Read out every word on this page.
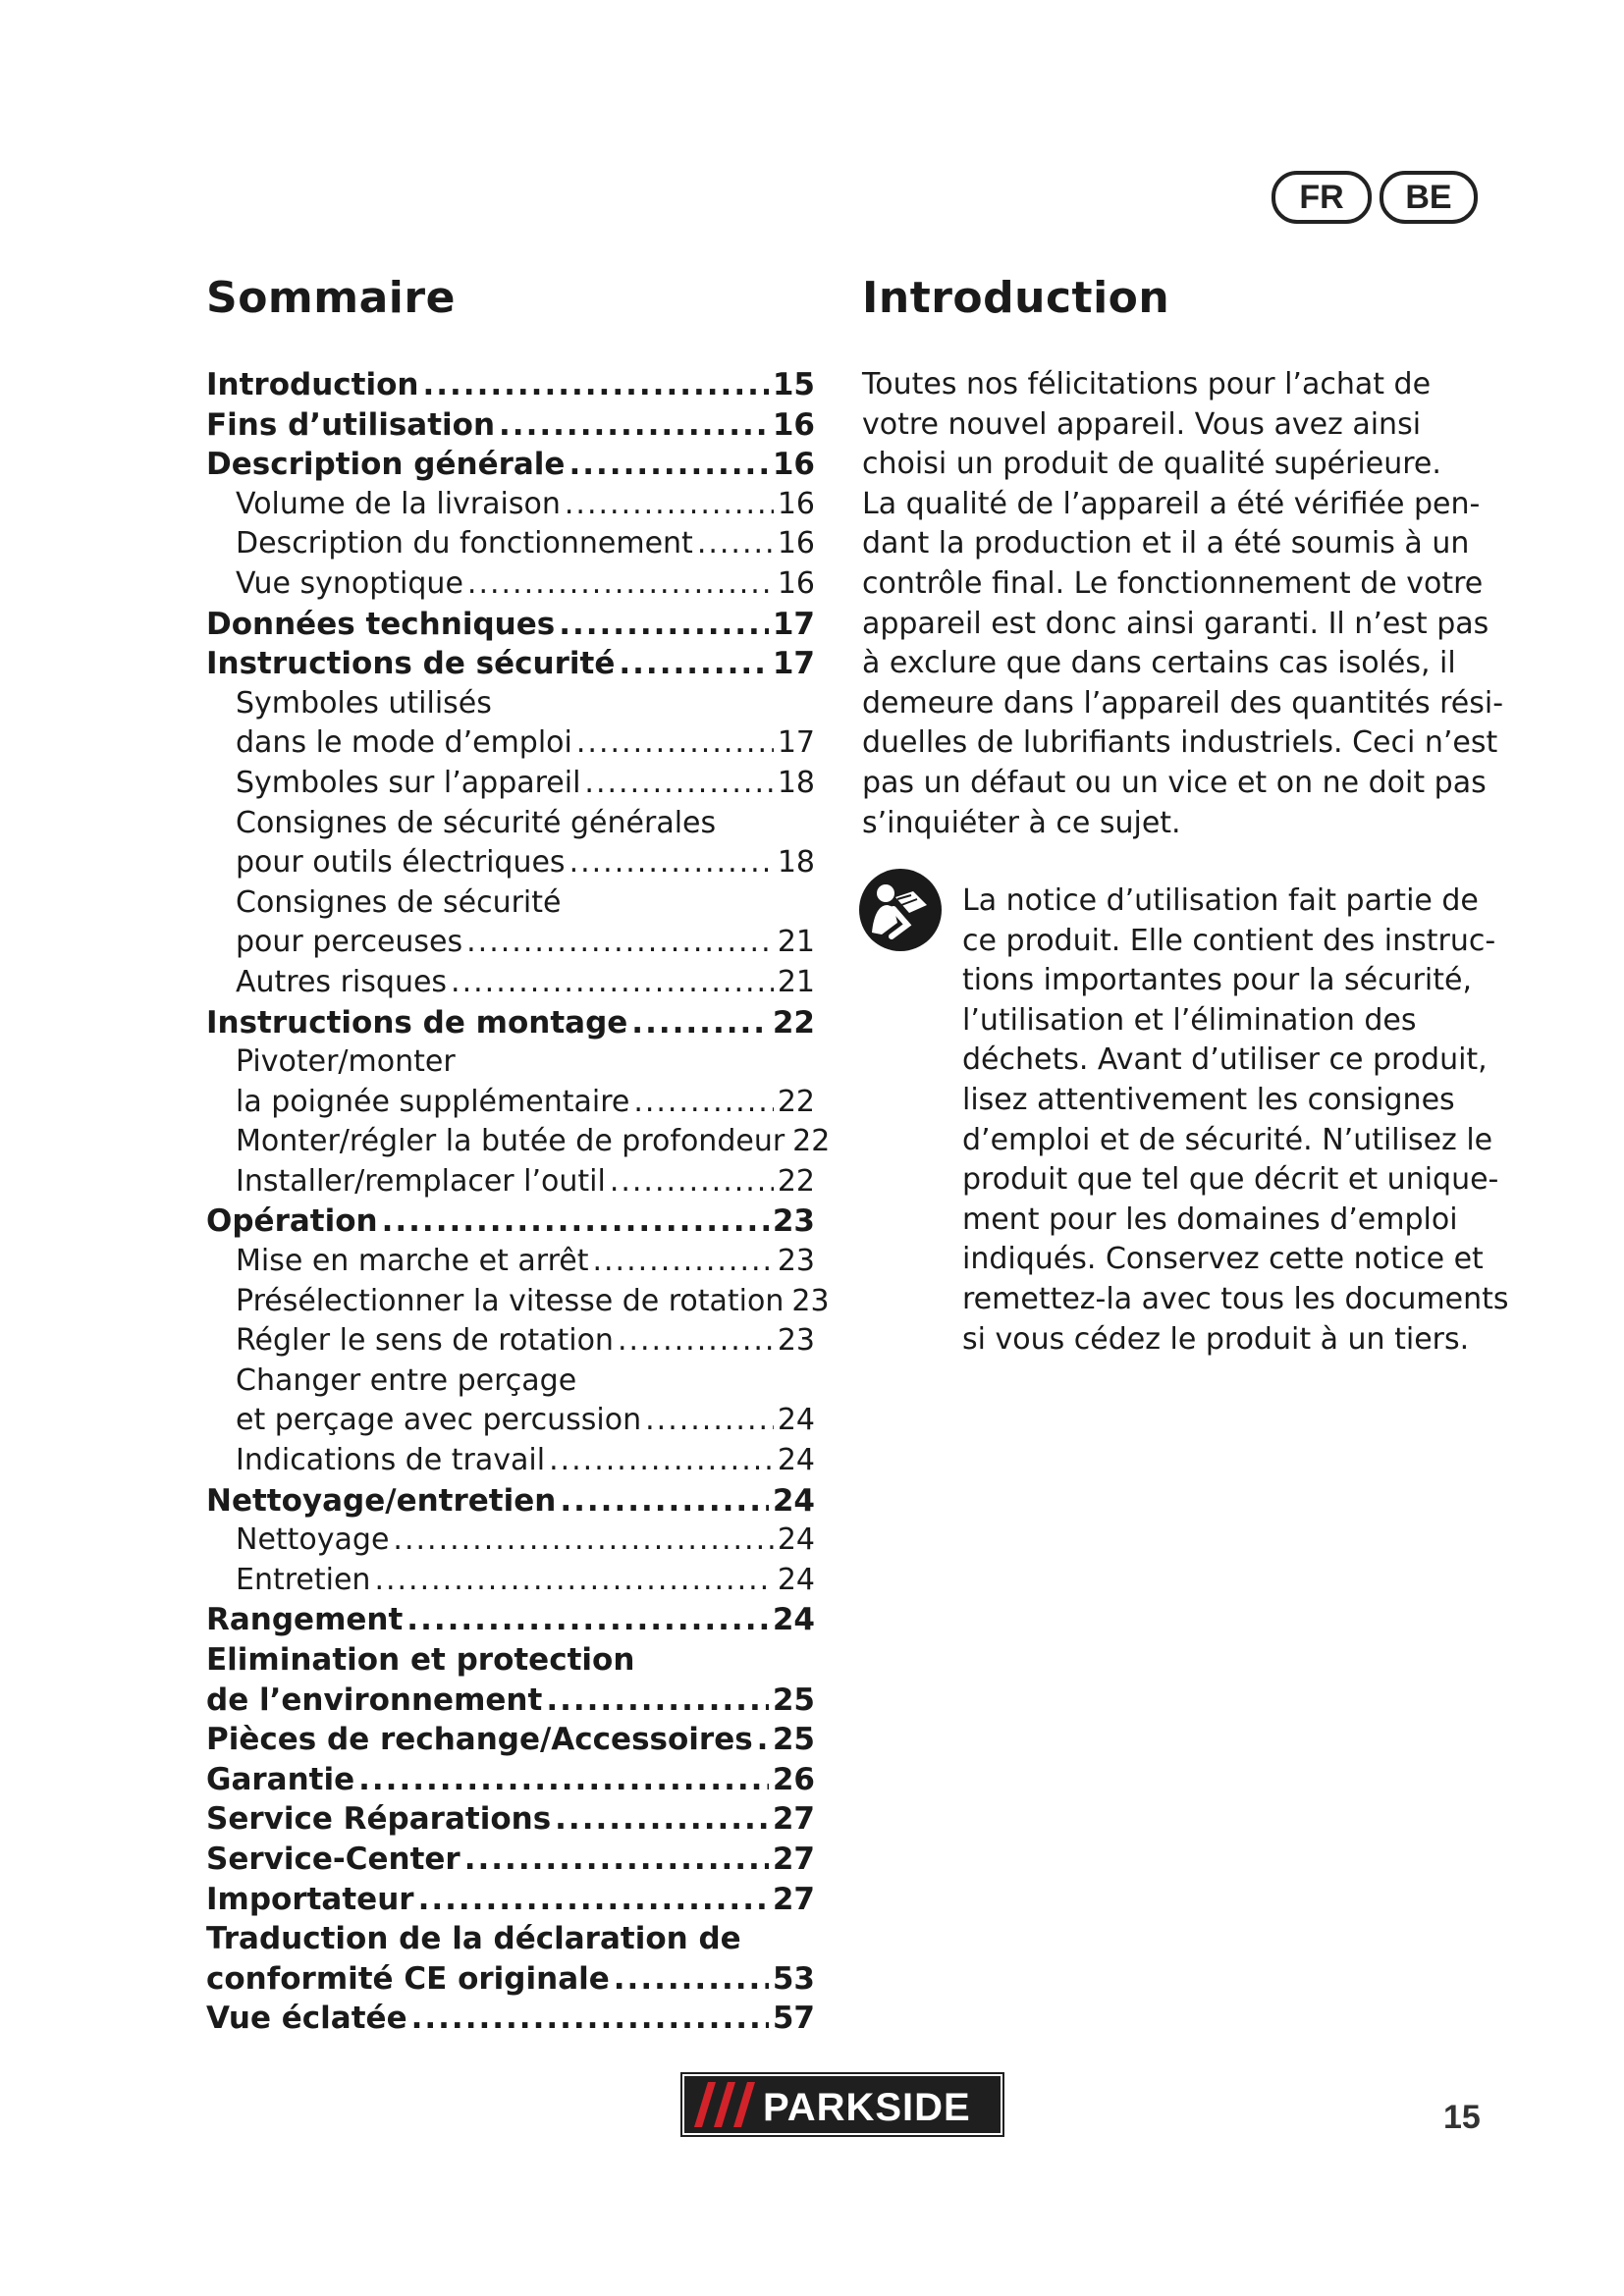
FR	BE
Sommaire	Introduction
Introduction .....	15
Fins d’utilisation .....	16
Description générale .....	16
Volume de la livraison .....	16
Description du fonctionnement .....	16
Vue synoptique .....	16
Données techniques .....	17
Instructions de sécurité .....	17
Symboles utilisés
dans le mode d’emploi .....	17
Symboles sur l’appareil .....	18
Consignes de sécurité générales
pour outils électriques .....	18
Consignes de sécurité
pour perceuses .....	21
Autres risques .....	21
Instructions de montage .....	22
Pivoter/monter
la poignée supplémentaire .....	22
Monter/régler la butée de profondeur 22
Installer/remplacer l’outil .....	22
Opération .....	23
Mise en marche et arrêt .....	23
Présélectionner la vitesse de rotation 23
Régler le sens de rotation .....	23
Changer entre perçage
et perçage avec percussion .....	24
Indications de travail .....	24
Nettoyage/entretien .....	24
Nettoyage .....	24
Entretien .....	24
Rangement .....	24
Elimination et protection
de l’environnement .....	25
Pièces de rechange/Accessoires ..... 25
Garantie .....	26
Service Réparations .....	27
Service-Center .....	27
Importateur .....	27
Traduction de la déclaration de
conformité CE originale .....	53
Vue éclatée .....	57

Toutes nos félicitations pour l’achat de

votre nouvel appareil. Vous avez ainsi

choisi un produit de qualité supérieure.

La qualité de l’appareil a été vérifiée pen-

dant la production et il a été soumis à un

contrôle final. Le fonctionnement de votre

appareil est donc ainsi garanti. Il n’est pas

à exclure que dans certains cas isolés, il

demeure dans l’appareil des quantités rési-

duelles de lubrifiants industriels. Ceci n’est

pas un défaut ou un vice et on ne doit pas

s’inquiéter à ce sujet.

La notice d’utilisation fait partie de

ce produit. Elle contient des instruc-

tions importantes pour la sécurité,

l’utilisation et l’élimination des

déchets. Avant d’utiliser ce produit,

lisez attentivement les consignes

d’emploi et de sécurité. N’utilisez le

produit que tel que décrit et unique-

ment pour les domaines d’emploi

indiqués. Conservez cette notice et

remettez-la avec tous les documents

si vous cédez le produit à un tiers.

PARKSIDE	15
